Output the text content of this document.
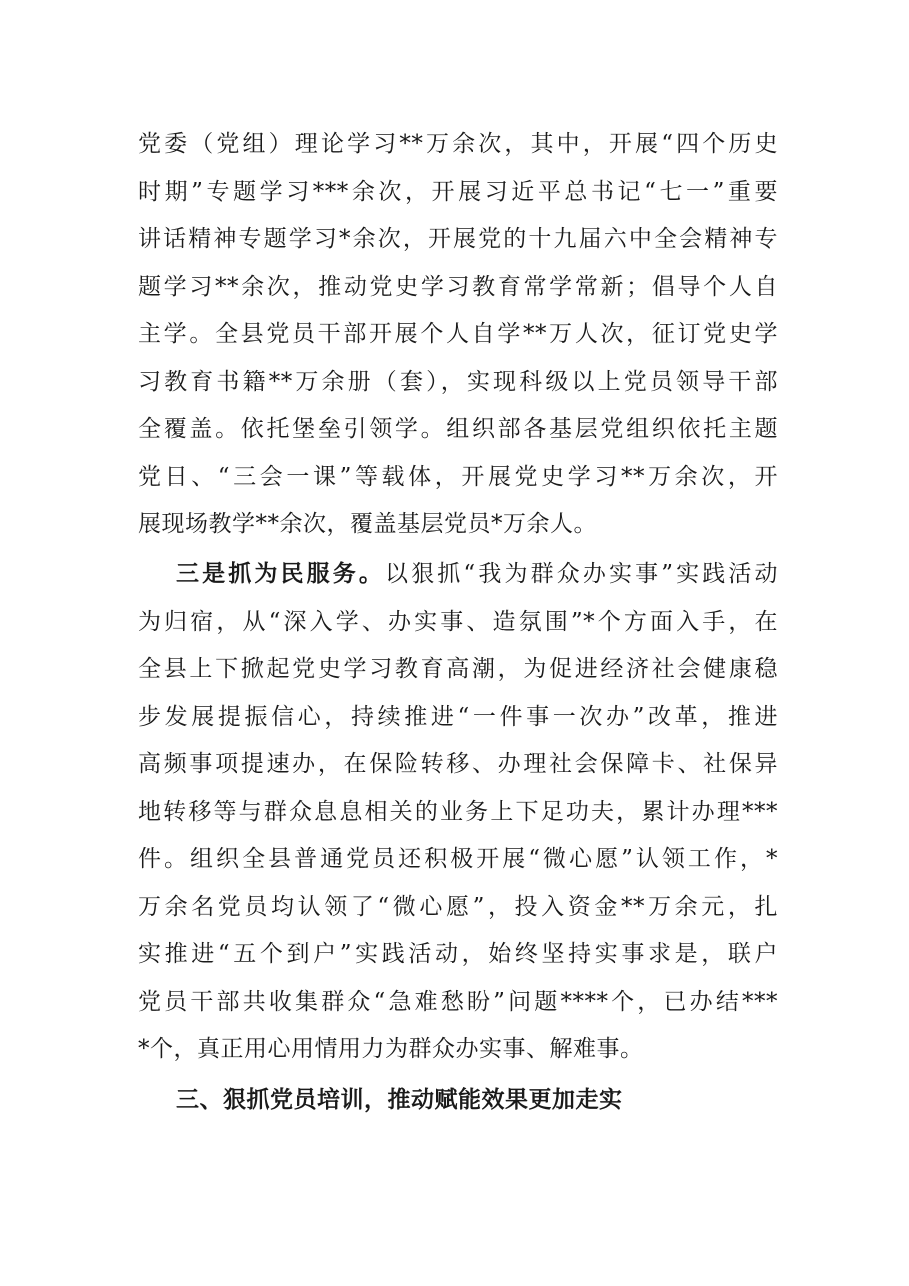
党委（党组）理论学习**万余次，其中，开展“四个历史
时期”专题学习***余次，开展习近平总书记“七一”重要
讲话精神专题学习*余次，开展党的十九届六中全会精神专
题学习**余次，推动党史学习教育常学常新；倡导个人自
主学。全县党员干部开展个人自学**万人次，征订党史学
习教育书籍**万余册（套），实现科级以上党员领导干部
全覆盖。依托堡垒引领学。组织部各基层党组织依托主题
党日、“三会一课”等载体，开展党史学习**万余次，开
展现场教学**余次，覆盖基层党员*万余人。
三是抓为民服务。以狠抓“我为群众办实事”实践活动
为归宿，从“深入学、办实事、造氛围”*个方面入手，在
全县上下掀起党史学习教育高潮，为促进经济社会健康稳
步发展提振信心，持续推进“一件事一次办”改革，推进
高频事项提速办，在保险转移、办理社会保障卡、社保异
地转移等与群众息息相关的业务上下足功夫，累计办理***
件。组织全县普通党员还积极开展“微心愿”认领工作，*
万余名党员均认领了“微心愿”，投入资金**万余元，扎
实推进“五个到户”实践活动，始终坚持实事求是，联户
党员干部共收集群众“急难愁盼”问题****个，已办结***
*个，真正用心用情用力为群众办实事、解难事。
三、狠抓党员培训，推动赋能效果更加走实
